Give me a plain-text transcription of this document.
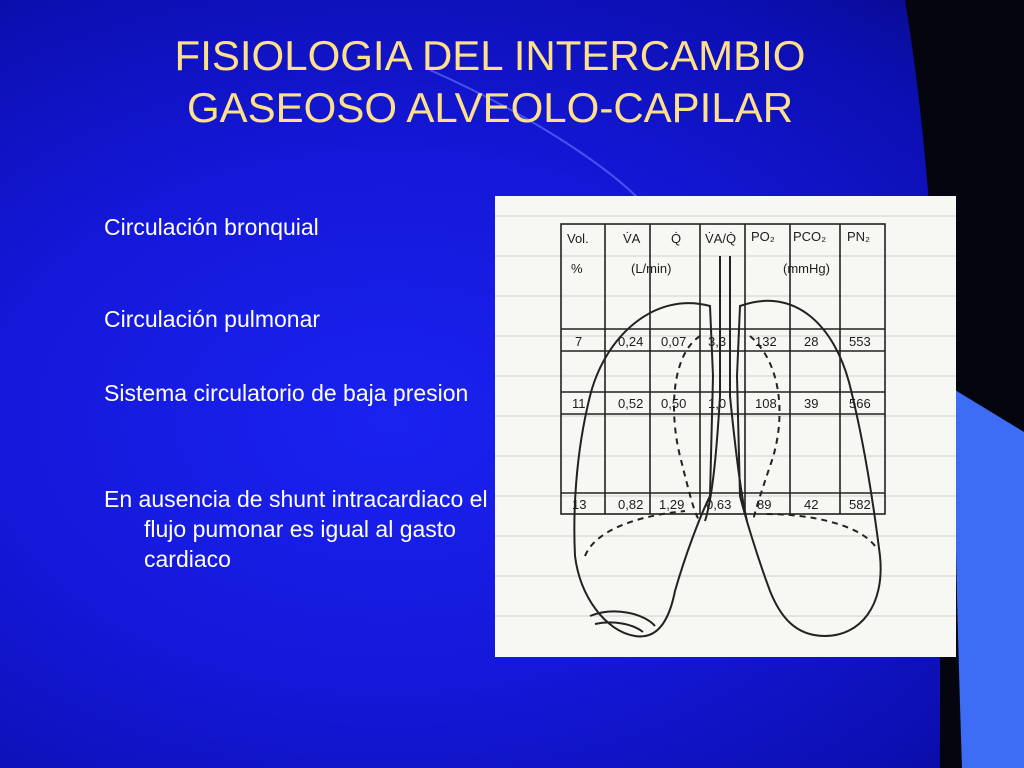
FISIOLOGIA DEL INTERCAMBIO
GASEOSO ALVEOLO-CAPILAR
Circulación bronquial
Circulación pulmonar
Sistema circulatorio de baja presion
En ausencia de shunt intracardiaco el flujo pumonar es igual al gasto cardiaco
Vol.	V̇A Q̇ V̇A/Q̇ PO₂ PCO₂ PN₂
%	(L/min)	(mmHg)
7	0,24 0,07 3,3 132 28 553
11	0,52 0,50 1,0 108 39 566
13 0,82 1,29 0,63 89	42 582
